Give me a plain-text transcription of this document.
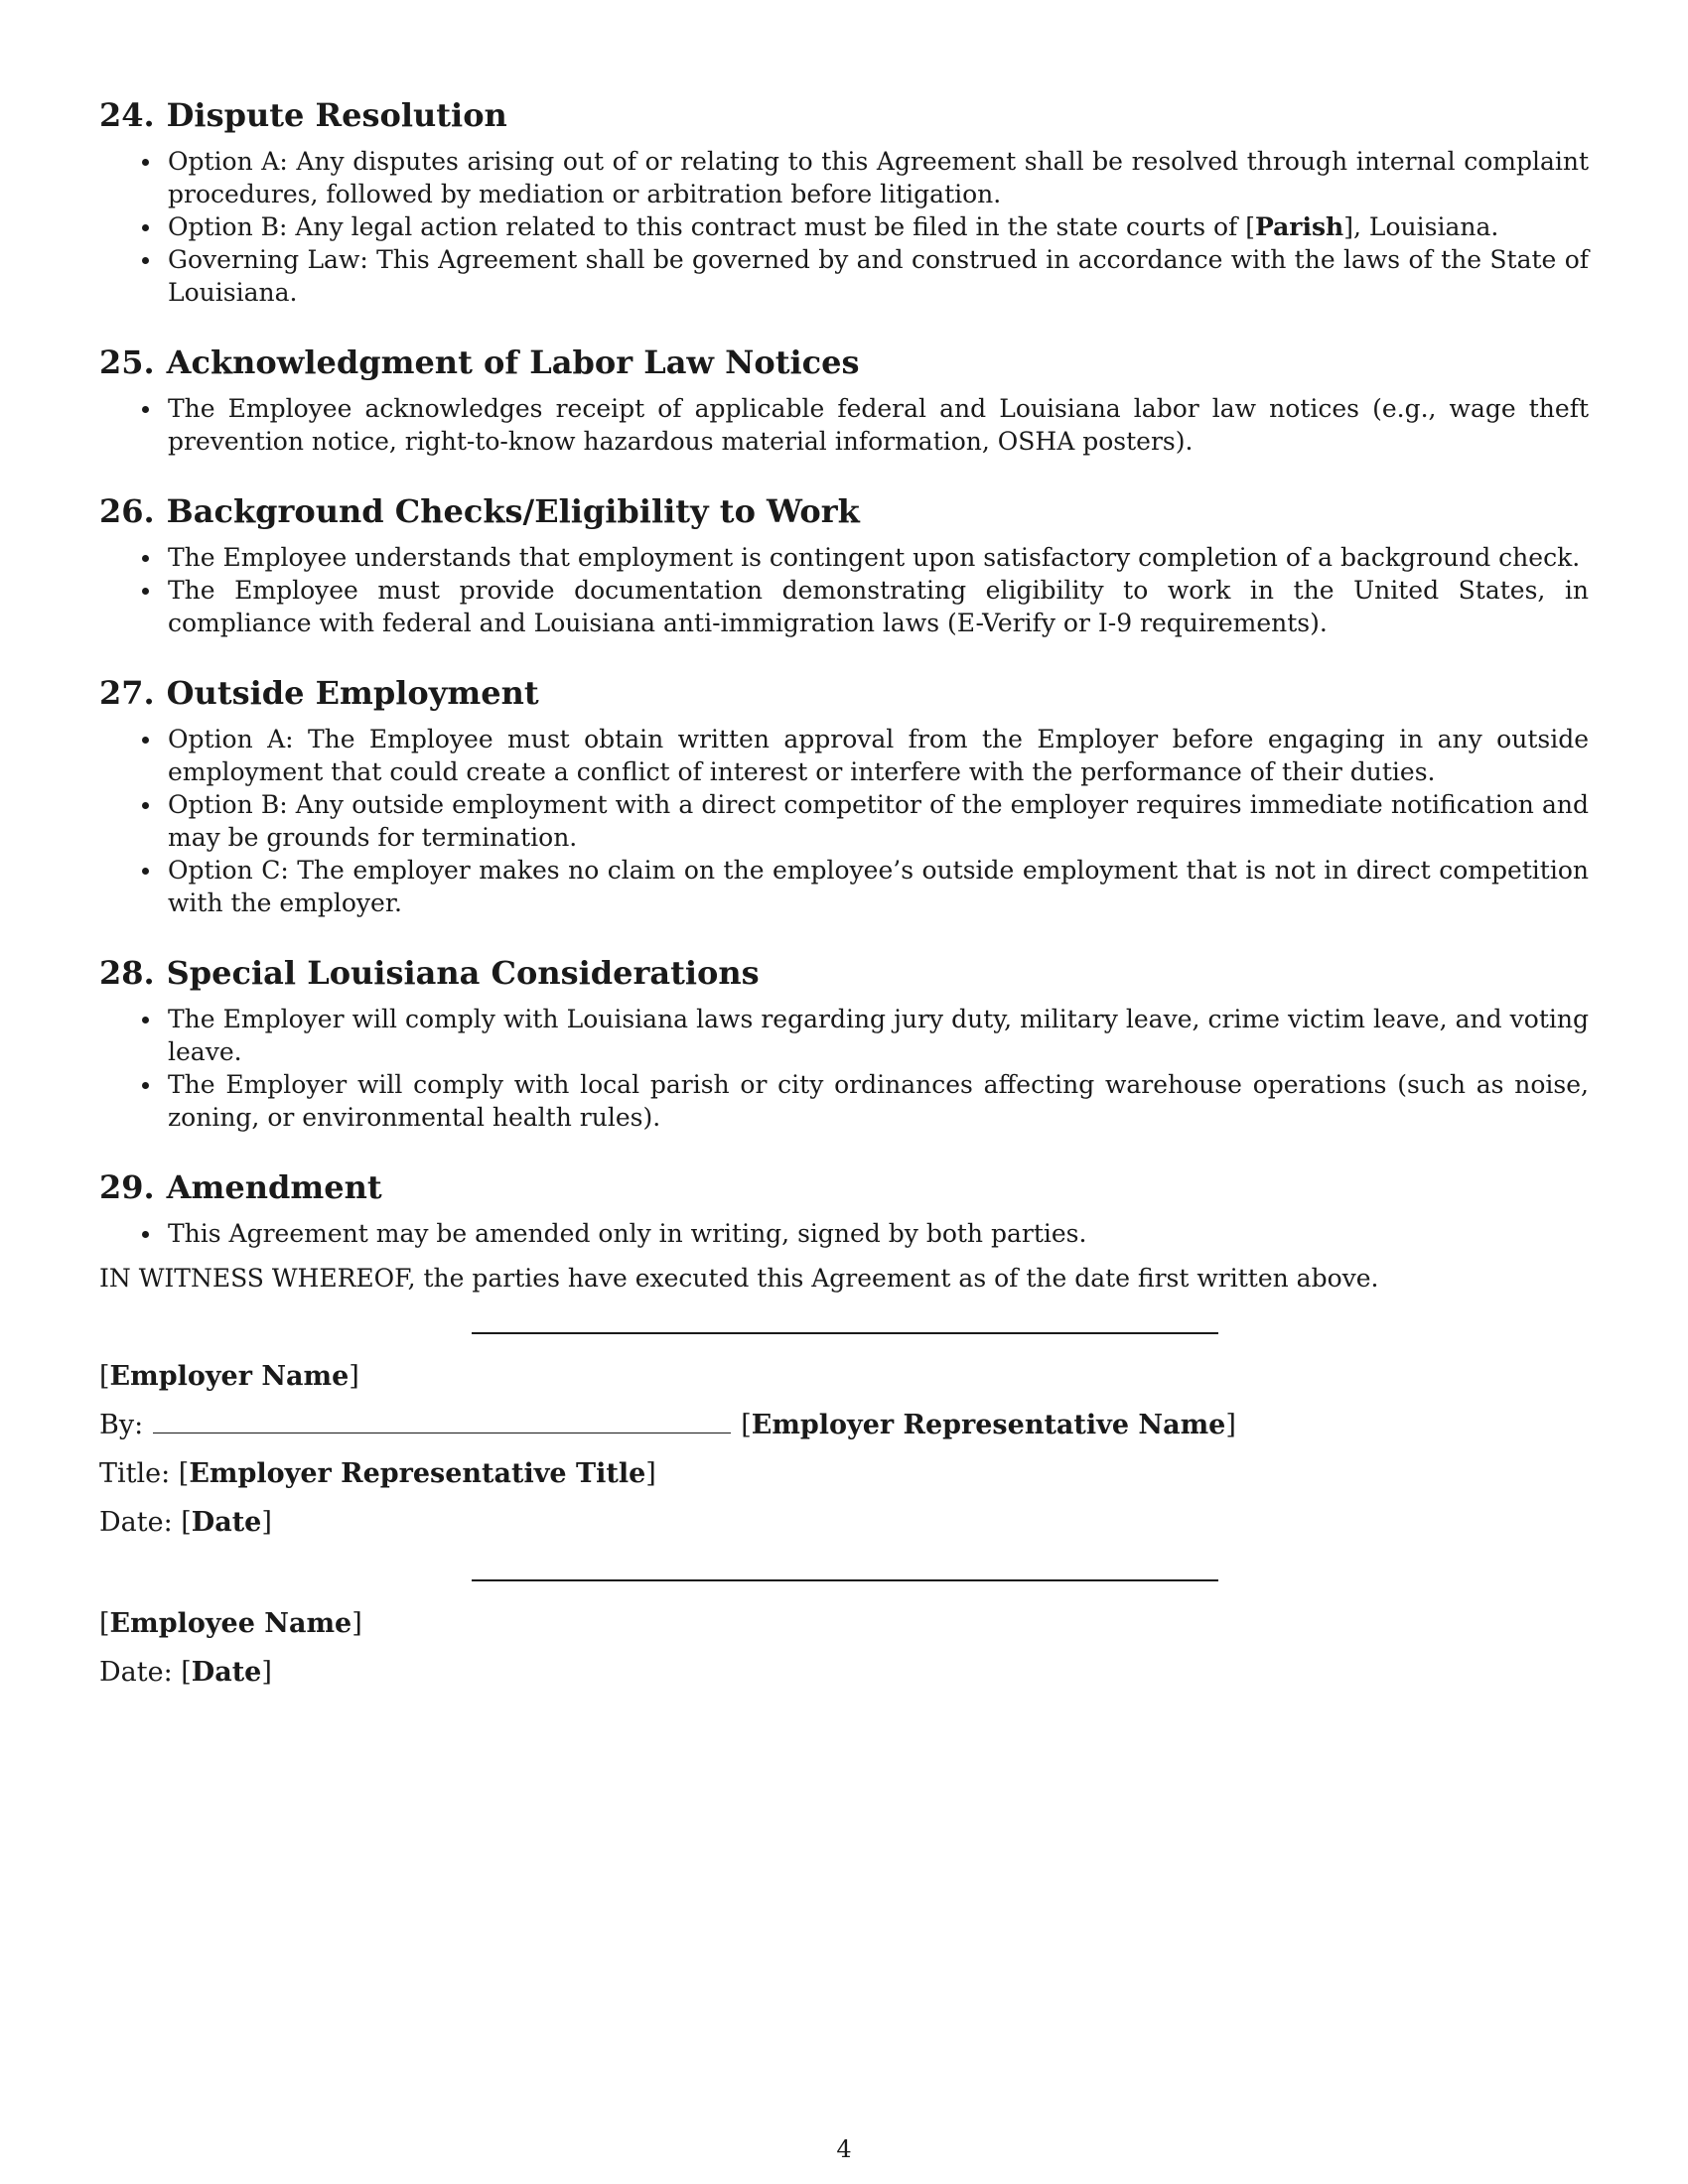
24. Dispute Resolution
Option A: Any disputes arising out of or relating to this Agreement shall be resolved through internal complaint procedures, followed by mediation or arbitration before litigation.
Option B: Any legal action related to this contract must be filed in the state courts of [Parish], Louisiana.
Governing Law: This Agreement shall be governed by and construed in accordance with the laws of the State of Louisiana.
25. Acknowledgment of Labor Law Notices
The Employee acknowledges receipt of applicable federal and Louisiana labor law notices (e.g., wage theft prevention notice, right-to-know hazardous material information, OSHA posters).
26. Background Checks/Eligibility to Work
The Employee understands that employment is contingent upon satisfactory completion of a background check.
The Employee must provide documentation demonstrating eligibility to work in the United States, in compliance with federal and Louisiana anti-immigration laws (E-Verify or I-9 requirements).
27. Outside Employment
Option A: The Employee must obtain written approval from the Employer before engaging in any outside employment that could create a conflict of interest or interfere with the performance of their duties.
Option B: Any outside employment with a direct competitor of the employer requires immediate notification and may be grounds for termination.
Option C: The employer makes no claim on the employee’s outside employment that is not in direct competition with the employer.
28. Special Louisiana Considerations
The Employer will comply with Louisiana laws regarding jury duty, military leave, crime victim leave, and voting leave.
The Employer will comply with local parish or city ordinances affecting warehouse operations (such as noise, zoning, or environmental health rules).
29. Amendment
This Agreement may be amended only in writing, signed by both parties.

IN WITNESS WHEREOF, the parties have executed this Agreement as of the date first written above.

[Employer Name]
By:	[Employer Representative Name]
Title: [Employer Representative Title]
Date: [Date]
[Employee Name]
Date: [Date]
4
